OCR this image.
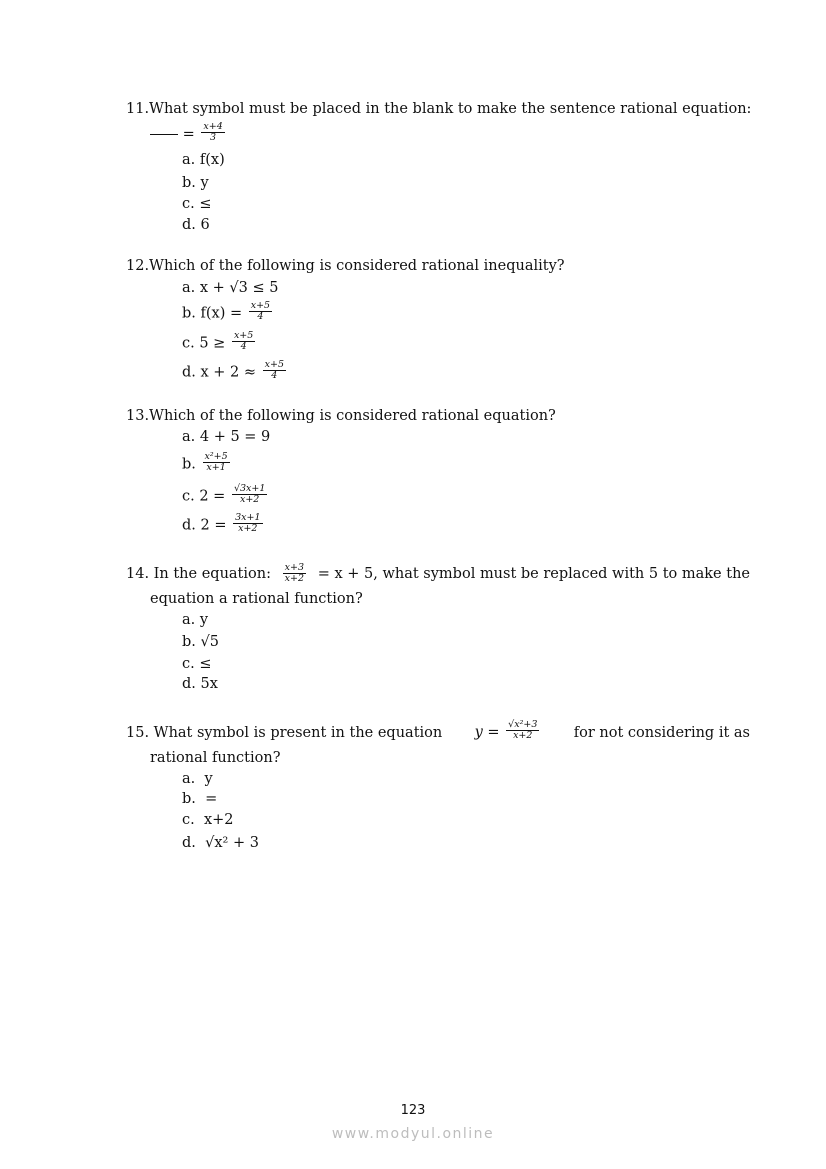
11.What symbol must be placed in the blank to make the sentence rational equation:
= $\frac{x+4}{3}$
a. f(x)
b. y
c. ≤
d. 6
12.Which of the following is considered rational inequality?
a. x + √3 ≤ 5
b. $f(x) = \frac{x+5}{4}$
c. $5 \ge \frac{x+5}{4}$
d. $x + 2 \approx \frac{x+5}{4}$
13.Which of the following is considered rational equation?
a. 4 + 5 = 9
b. $\frac{\text{x²+5}}{x+1}$
c. $2 = \frac{√3x+1}{x+2}$
d. $2 = \frac{3x+1}{x+2}$
14. In the equation: $\frac{x+3}{x+2} = x + 5$, what symbol must be replaced with 5 to make the
equation a rational function?
a. y
b. √5
c. ≤
d. 5x
15. What symbol is present in the equation $y = \frac{\text{√x²+3}}{x+2}$ for not considering it as
rational function?
a.  y
b.  =
c.  x+2
d.  √x² + 3
123
www.modyul.online
